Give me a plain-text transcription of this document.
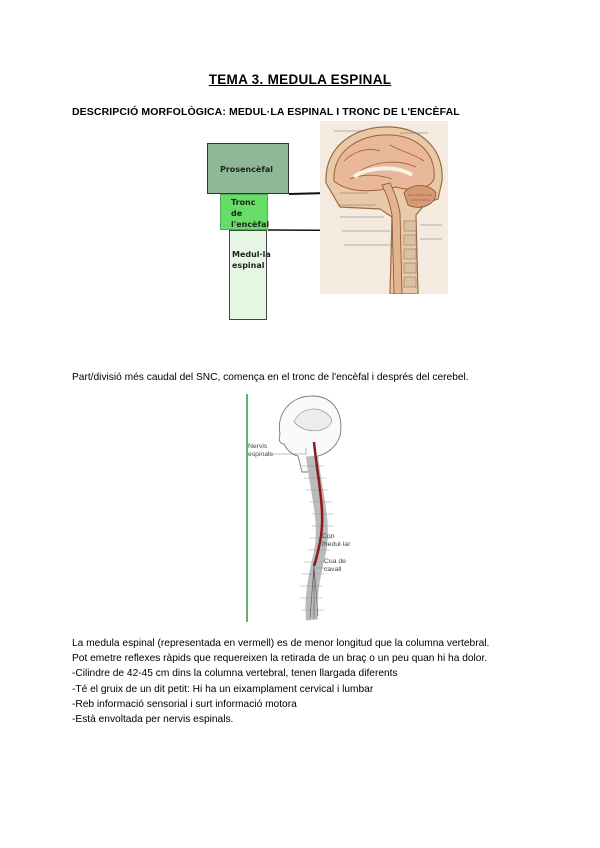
TEMA 3. MEDULA ESPINAL
DESCRIPCIÓ MORFOLÒGICA: MEDUL·LA ESPINAL I TRONC DE L'ENCÈFAL
Prosencèfal
Tronc de
l'encèfal
Medul·la
espinal
Part/divisió més caudal del SNC, comença en el tronc de l'encèfal i després del cerebel.
Nervis
espinals
Con
medul·lar
Cua de
cavall
La medula espinal (representada en vermell) es de menor longitud que la columna vertebral.
Pot emetre reflexes ràpids que requereixen la retirada de un braç o un peu quan hi ha dolor.
-Cilindre de 42-45 cm dins la columna vertebral, tenen llargada diferents
-Té el gruix de un dit petit: Hi ha un eixamplament cervical i lumbar
-Reb informació sensorial i surt informació motora
-Està envoltada per nervis espinals.
